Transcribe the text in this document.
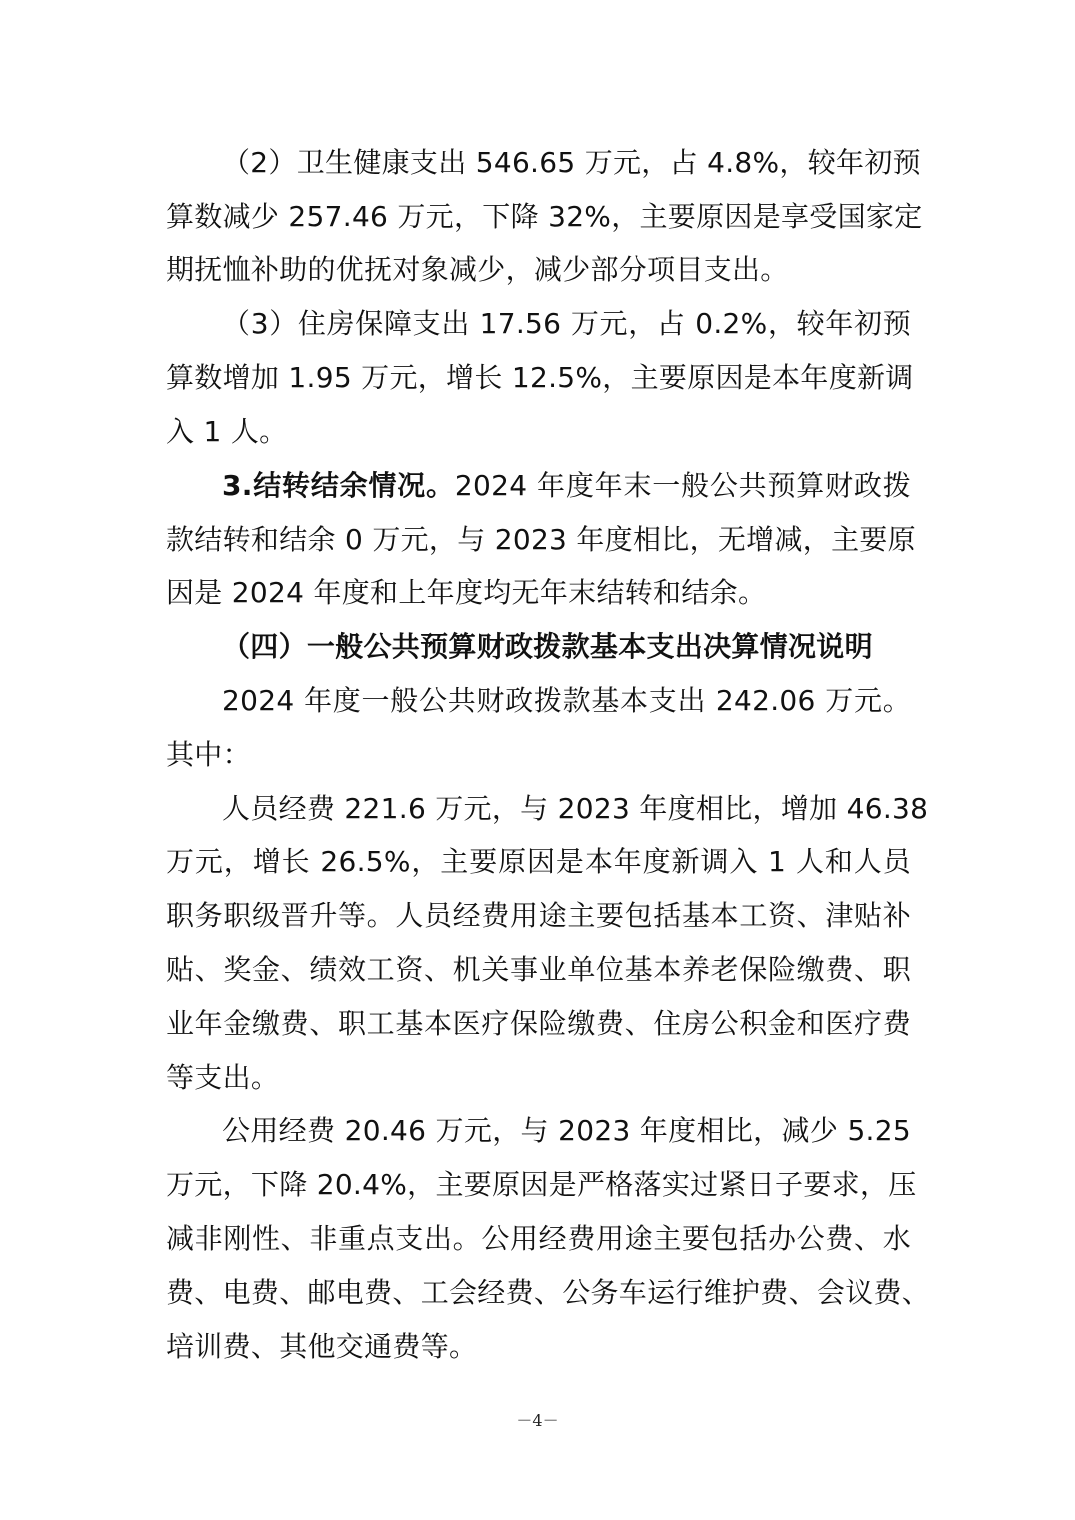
（2）卫生健康支出 546.65 万元，占 4.8%，较年初预
算数减少 257.46 万元，下降 32%，主要原因是享受国家定
期抚恤补助的优抚对象减少，减少部分项目支出。
（3）住房保障支出 17.56 万元，占 0.2%，较年初预
算数增加 1.95 万元，增长 12.5%，主要原因是本年度新调
入 1 人。
3.结转结余情况。2024 年度年末一般公共预算财政拨
款结转和结余 0 万元，与 2023 年度相比，无增减，主要原
因是 2024 年度和上年度均无年末结转和结余。
（四）一般公共预算财政拨款基本支出决算情况说明
2024 年度一般公共财政拨款基本支出 242.06 万元。
其中：
人员经费 221.6 万元，与 2023 年度相比，增加 46.38
万元，增长 26.5%，主要原因是本年度新调入 1 人和人员
职务职级晋升等。人员经费用途主要包括基本工资、津贴补
贴、奖金、绩效工资、机关事业单位基本养老保险缴费、职
业年金缴费、职工基本医疗保险缴费、住房公积金和医疗费
等支出。
公用经费 20.46 万元，与 2023 年度相比，减少 5.25
万元，下降 20.4%，主要原因是严格落实过紧日子要求，压
减非刚性、非重点支出。公用经费用途主要包括办公费、水
费、电费、邮电费、工会经费、公务车运行维护费、会议费、
培训费、其他交通费等。
－4－
